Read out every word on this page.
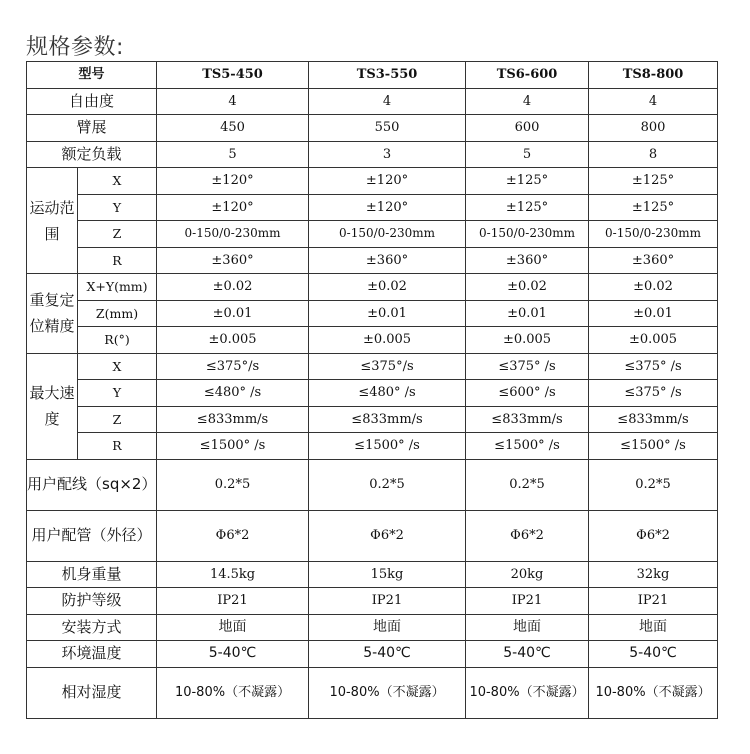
规格参数:
型号		TS5-450	TS3-550	TS6-600	TS8-800
自由度		4	4	4	4
臂展		450	550	600	800
额定负载		5	3	5	8
运动范围	X	±120°	±120°	±125°	±125°
	Y	±120°	±120°	±125°	±125°
	Z	0-150/0-230mm	0-150/0-230mm	0-150/0-230mm	0-150/0-230mm
	R	±360°	±360°	±360°	±360°
重复定位精度	X+Y(mm)	±0.02	±0.02	±0.02	±0.02
	Z(mm)	±0.01	±0.01	±0.01	±0.01
	R(°)	±0.005	±0.005	±0.005	±0.005
最大速度	X	≤375°/s	≤375°/s	≤375° /s	≤375° /s
	Y	≤480° /s	≤480° /s	≤600° /s	≤375° /s
	Z	≤833mm/s	≤833mm/s	≤833mm/s	≤833mm/s
	R	≤1500° /s	≤1500° /s	≤1500° /s	≤1500° /s
用户配线（sq×2）		0.2*5	0.2*5	0.2*5	0.2*5
用户配管（外径）		Φ6*2	Φ6*2	Φ6*2	Φ6*2
机身重量		14.5kg	15kg	20kg	32kg
防护等级		IP21	IP21	IP21	IP21
安装方式		地面	地面	地面	地面
环境温度		5-40℃	5-40℃	5-40℃	5-40℃
相对湿度		10-80%（不凝露）	10-80%（不凝露）	10-80%（不凝露）	10-80%（不凝露）
